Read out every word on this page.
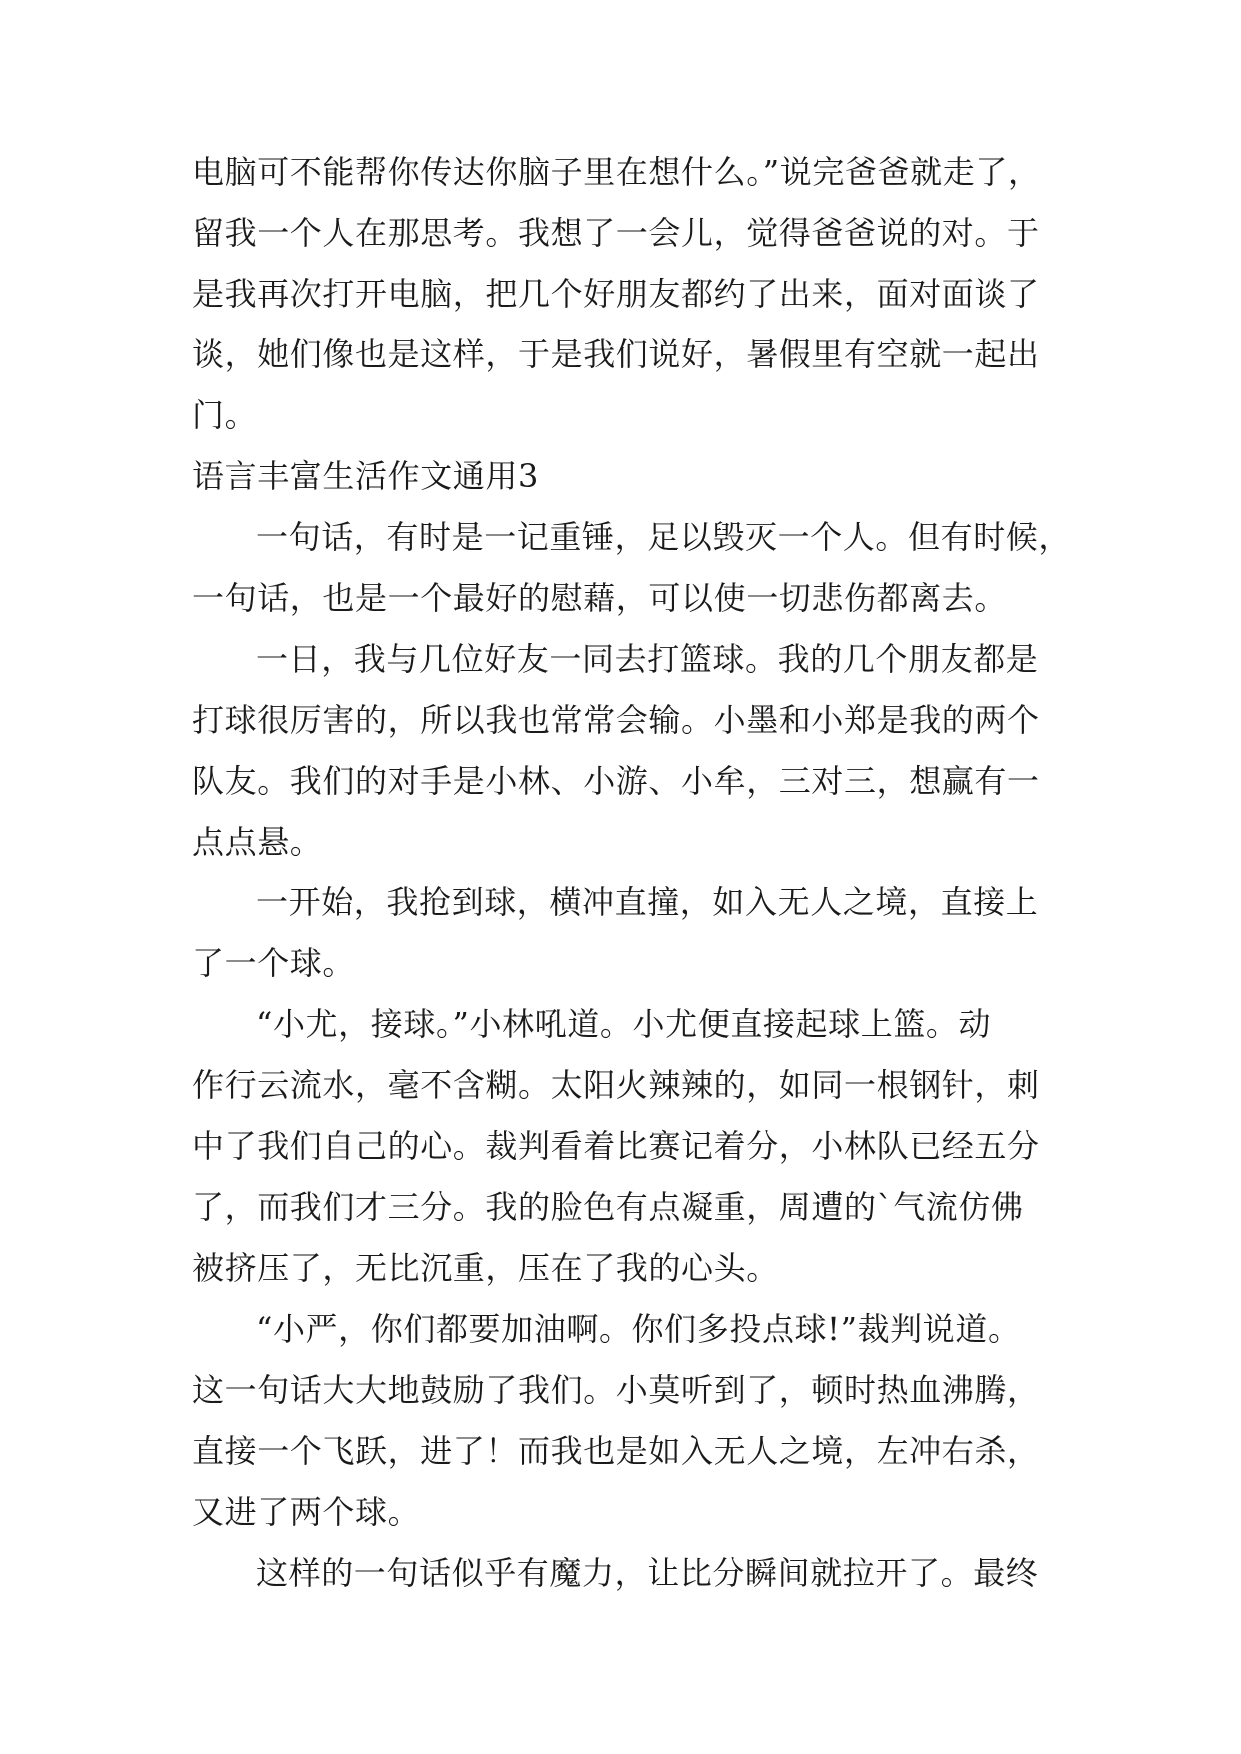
电脑可不能帮你传达你脑子里在想什么。”说完爸爸就走了，
留我一个人在那思考。我想了一会儿，觉得爸爸说的对。于
是我再次打开电脑，把几个好朋友都约了出来，面对面谈了
谈，她们像也是这样，于是我们说好，暑假里有空就一起出
门。
语言丰富生活作文通用3
一句话，有时是一记重锤，足以毁灭一个人。但有时候，
一句话，也是一个最好的慰藉，可以使一切悲伤都离去。
一日，我与几位好友一同去打篮球。我的几个朋友都是
打球很厉害的，所以我也常常会输。小墨和小郑是我的两个
队友。我们的对手是小林、小游、小牟，三对三，想赢有一
点点悬。
一开始，我抢到球，横冲直撞，如入无人之境，直接上
了一个球。
“小尤，接球。”小林吼道。小尤便直接起球上篮。动
作行云流水，毫不含糊。太阳火辣辣的，如同一根钢针，刺
中了我们自己的心。裁判看着比赛记着分，小林队已经五分
了，而我们才三分。我的脸色有点凝重，周遭的`气流仿佛
被挤压了，无比沉重，压在了我的心头。
“小严，你们都要加油啊。你们多投点球!”裁判说道。
这一句话大大地鼓励了我们。小莫听到了，顿时热血沸腾，
直接一个飞跃，进了！而我也是如入无人之境，左冲右杀，
又进了两个球。
这样的一句话似乎有魔力，让比分瞬间就拉开了。最终
